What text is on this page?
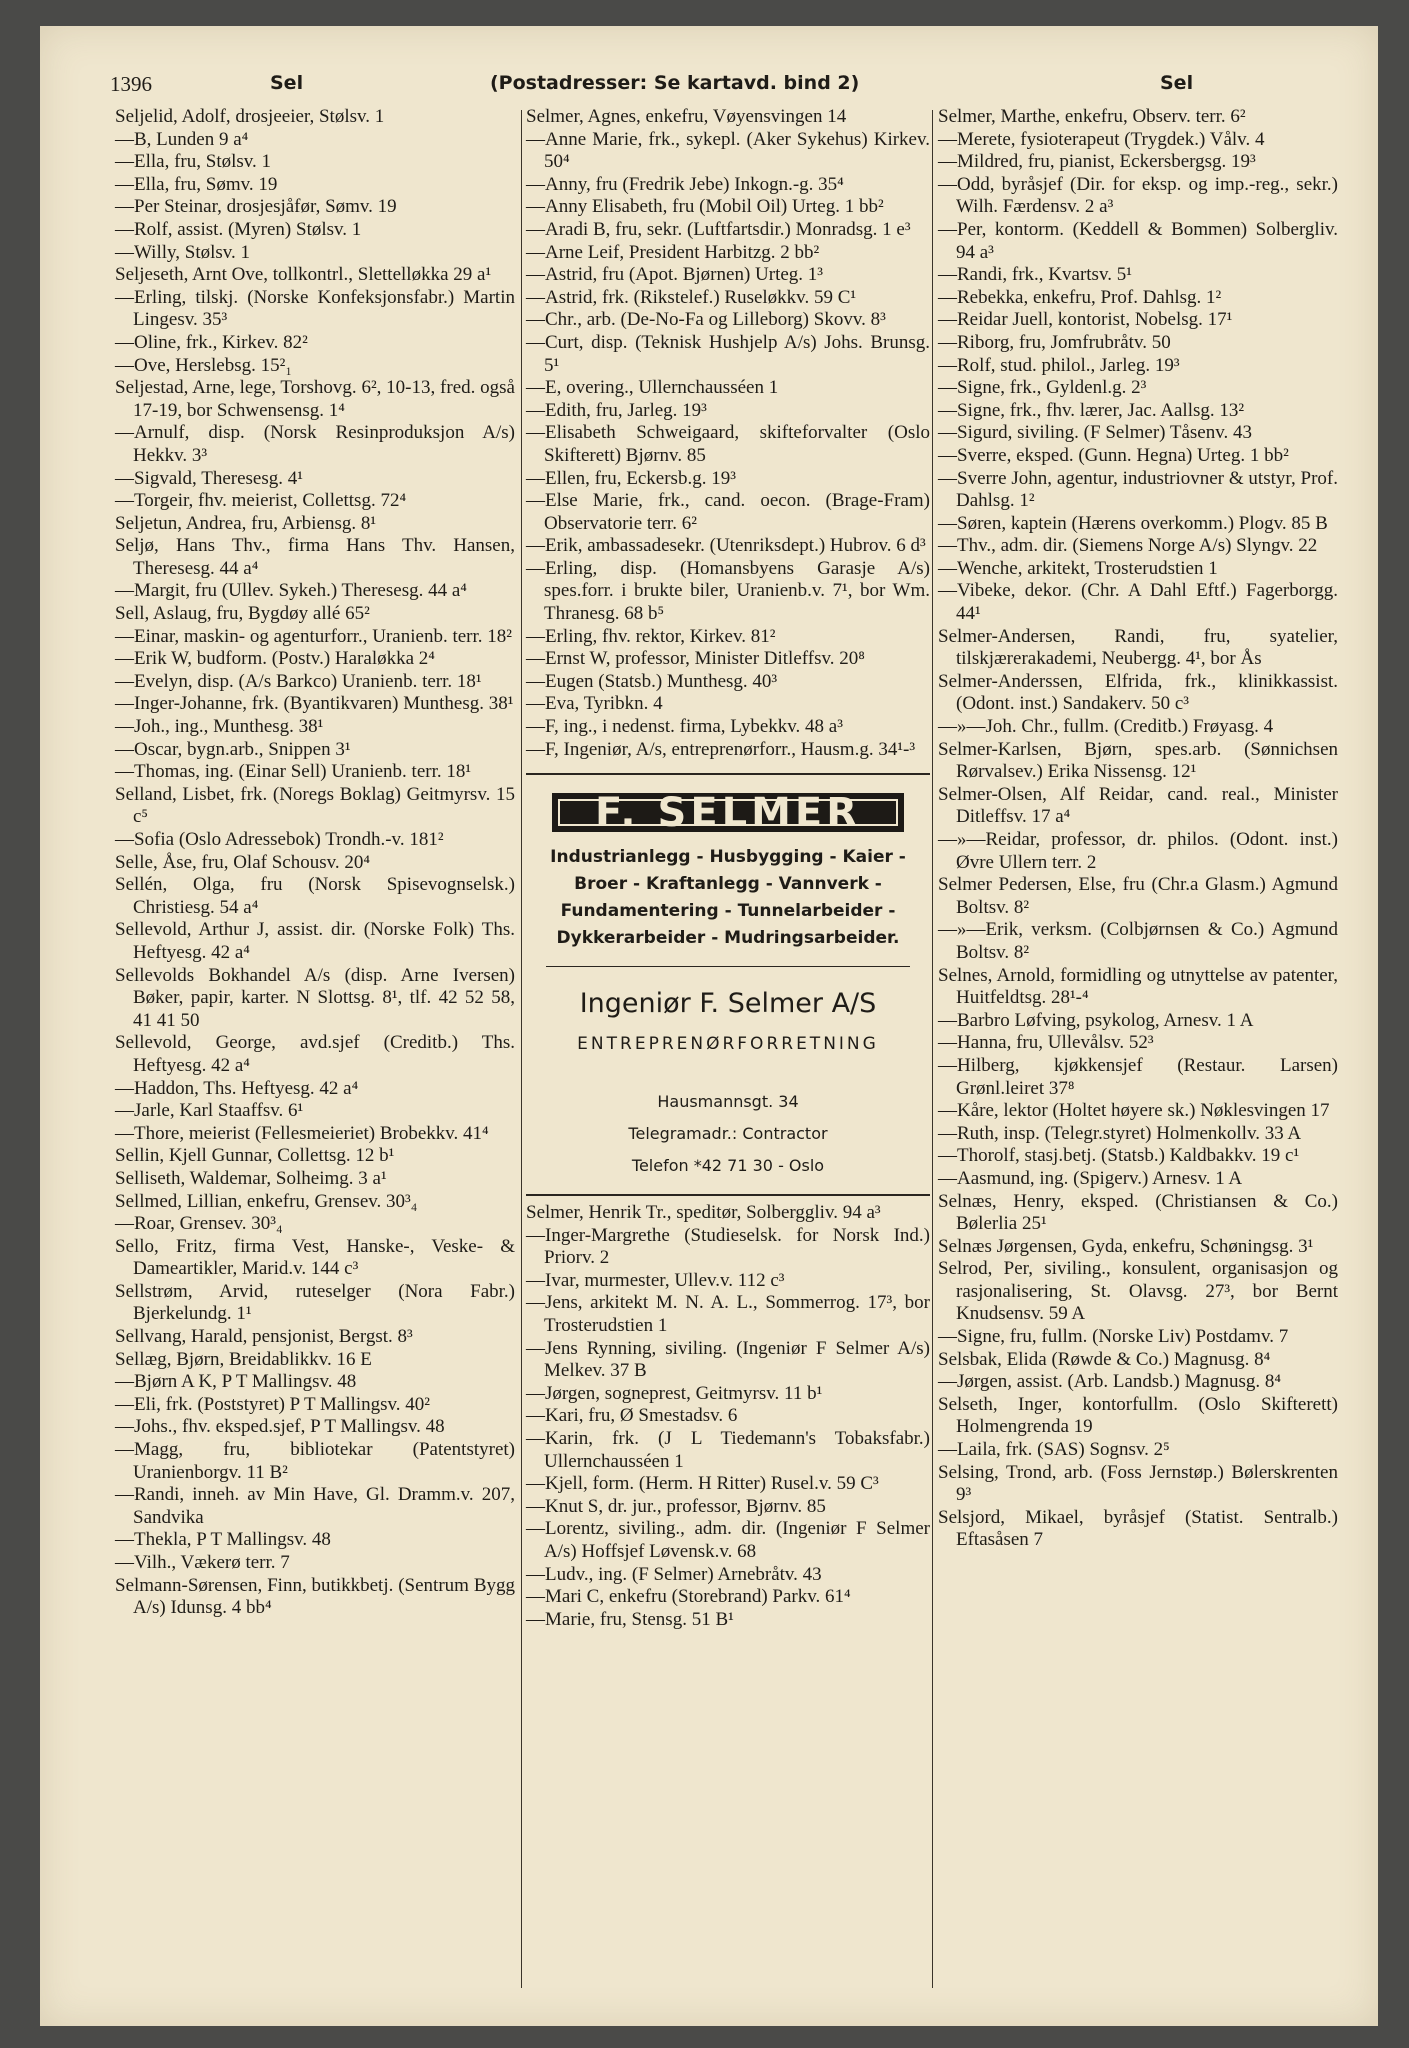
1396	Sel	(Postadresser: Se kartavd. bind 2)	Sel

Seljelid, Adolf, drosjeeier, Stølsv. 1

—B, Lunden 9 a⁴

—Ella, fru, Stølsv. 1

—Ella, fru, Sømv. 19

—Per Steinar, drosjesjåfør, Sømv. 19

—Rolf, assist. (Myren) Stølsv. 1

—Willy, Stølsv. 1

Seljeseth, Arnt Ove, tollkontrl., Slettelløkka 29 a¹

—Erling, tilskj. (Norske Konfeksjonsfabr.) Martin Lingesv. 35³

—Oline, frk., Kirkev. 82²

—Ove, Herslebsg. 15²₁

Seljestad, Arne, lege, Torshovg. 6², 10-13, fred. også 17-19, bor Schwensensg. 1⁴

—Arnulf, disp. (Norsk Resinproduksjon A/s) Hekkv. 3³

—Sigvald, Theresesg. 4¹

—Torgeir, fhv. meierist, Collettsg. 72⁴

Seljetun, Andrea, fru, Arbiensg. 8¹

Seljø, Hans Thv., firma Hans Thv. Hansen, Theresesg. 44 a⁴

—Margit, fru (Ullev. Sykeh.) Theresesg. 44 a⁴

Sell, Aslaug, fru, Bygdøy allé 65²

—Einar, maskin- og agenturforr., Uranienb. terr. 18²

—Erik W, budform. (Postv.) Haraløkka 2⁴

—Evelyn, disp. (A/s Barkco) Uranienb. terr. 18¹

—Inger-Johanne, frk. (Byantikvaren) Munthesg. 38¹

—Joh., ing., Munthesg. 38¹

—Oscar, bygn.arb., Snippen 3¹

—Thomas, ing. (Einar Sell) Uranienb. terr. 18¹

Selland, Lisbet, frk. (Noregs Boklag) Geitmyrsv. 15 c⁵

—Sofia (Oslo Adressebok) Trondh.-v. 181²

Selle, Åse, fru, Olaf Schousv. 20⁴

Sellén, Olga, fru (Norsk Spisevognselsk.) Christiesg. 54 a⁴

Sellevold, Arthur J, assist. dir. (Norske Folk) Ths. Heftyesg. 42 a⁴

Sellevolds Bokhandel A/s (disp. Arne Iversen) Bøker, papir, karter. N Slottsg. 8¹, tlf. 42 52 58, 41 41 50

Sellevold, George, avd.sjef (Creditb.) Ths. Heftyesg. 42 a⁴

—Haddon, Ths. Heftyesg. 42 a⁴

—Jarle, Karl Staaffsv. 6¹

—Thore, meierist (Fellesmeieriet) Brobekkv. 41⁴

Sellin, Kjell Gunnar, Collettsg. 12 b¹

Selliseth, Waldemar, Solheimg. 3 a¹

Sellmed, Lillian, enkefru, Grensev. 30³₄

—Roar, Grensev. 30³₄

Sello, Fritz, firma Vest, Hanske-, Veske- & Dameartikler, Marid.v. 144 c³

Sellstrøm, Arvid, ruteselger (Nora Fabr.) Bjerkelundg. 1¹

Sellvang, Harald, pensjonist, Bergst. 8³

Sellæg, Bjørn, Breidablikkv. 16 E

—Bjørn A K, P T Mallingsv. 48

—Eli, frk. (Poststyret) P T Mallingsv. 40²

—Johs., fhv. eksped.sjef, P T Mallingsv. 48

—Magg, fru, bibliotekar (Patentstyret) Uranienborgv. 11 B²

—Randi, inneh. av Min Have, Gl. Dramm.v. 207, Sandvika

—Thekla, P T Mallingsv. 48

—Vilh., Vækerø terr. 7

Selmann-Sørensen, Finn, butikkbetj. (Sentrum Bygg A/s) Idunsg. 4 bb⁴

Selmer, Agnes, enkefru, Vøyensvingen 14

—Anne Marie, frk., sykepl. (Aker Sykehus) Kirkev. 50⁴

—Anny, fru (Fredrik Jebe) Inkogn.-g. 35⁴

—Anny Elisabeth, fru (Mobil Oil) Urteg. 1 bb²

—Aradi B, fru, sekr. (Luftfartsdir.) Monradsg. 1 e³

—Arne Leif, President Harbitzg. 2 bb²

—Astrid, fru (Apot. Bjørnen) Urteg. 1³

—Astrid, frk. (Rikstelef.) Ruseløkkv. 59 C¹

—Chr., arb. (De-No-Fa og Lilleborg) Skovv. 8³

—Curt, disp. (Teknisk Hushjelp A/s) Johs. Brunsg. 5¹

—E, overing., Ullernchausséen 1

—Edith, fru, Jarleg. 19³

—Elisabeth Schweigaard, skifteforvalter (Oslo Skifterett) Bjørnv. 85

—Ellen, fru, Eckersb.g. 19³

—Else Marie, frk., cand. oecon. (Brage-Fram) Observatorie terr. 6²

—Erik, ambassadesekr. (Utenriksdept.) Hubrov. 6 d³

—Erling, disp. (Homansbyens Garasje A/s) spes.forr. i brukte biler, Uranienb.v. 7¹, bor Wm. Thranesg. 68 b⁵

—Erling, fhv. rektor, Kirkev. 81²

—Ernst W, professor, Minister Ditleffsv. 20⁸

—Eugen (Statsb.) Munthesg. 40³

—Eva, Tyribkn. 4

—F, ing., i nedenst. firma, Lybekkv. 48 a³

—F, Ingeniør, A/s, entreprenørforr., Hausm.g. 34¹-³

F. SELMER
Industrianlegg - Husbygging - Kaier -
Broer - Kraftanlegg - Vannverk -
Fundamentering - Tunnelarbeider -
Dykkerarbeider - Mudringsarbeider.
Ingeniør F. Selmer A/S
ENTREPRENØRFORRETNING
Hausmannsgt. 34
Telegramadr.: Contractor
Telefon *42 71 30 - Oslo

Selmer, Henrik Tr., speditør, Solberggliv. 94 a³

—Inger-Margrethe (Studieselsk. for Norsk Ind.) Priorv. 2

—Ivar, murmester, Ullev.v. 112 c³

—Jens, arkitekt M. N. A. L., Sommerrog. 17³, bor Trosterudstien 1

—Jens Rynning, siviling. (Ingeniør F Selmer A/s) Melkev. 37 B

—Jørgen, sogneprest, Geitmyrsv. 11 b¹

—Kari, fru, Ø Smestadsv. 6

—Karin, frk. (J L Tiedemann's Tobaksfabr.) Ullernchausséen 1

—Kjell, form. (Herm. H Ritter) Rusel.v. 59 C³

—Knut S, dr. jur., professor, Bjørnv. 85

—Lorentz, siviling., adm. dir. (Ingeniør F Selmer A/s) Hoffsjef Løvensk.v. 68

—Ludv., ing. (F Selmer) Arnebråtv. 43

—Mari C, enkefru (Storebrand) Parkv. 61⁴

—Marie, fru, Stensg. 51 B¹

Selmer, Marthe, enkefru, Observ. terr. 6²

—Merete, fysioterapeut (Trygdek.) Vålv. 4

—Mildred, fru, pianist, Eckersbergsg. 19³

—Odd, byråsjef (Dir. for eksp. og imp.-reg., sekr.) Wilh. Færdensv. 2 a³

—Per, kontorm. (Keddell & Bommen) Solbergliv. 94 a³

—Randi, frk., Kvartsv. 5¹

—Rebekka, enkefru, Prof. Dahlsg. 1²

—Reidar Juell, kontorist, Nobelsg. 17¹

—Riborg, fru, Jomfrubråtv. 50

—Rolf, stud. philol., Jarleg. 19³

—Signe, frk., Gyldenl.g. 2³

—Signe, frk., fhv. lærer, Jac. Aallsg. 13²

—Sigurd, siviling. (F Selmer) Tåsenv. 43

—Sverre, eksped. (Gunn. Hegna) Urteg. 1 bb²

—Sverre John, agentur, industriovner & utstyr, Prof. Dahlsg. 1²

—Søren, kaptein (Hærens overkomm.) Plogv. 85 B

—Thv., adm. dir. (Siemens Norge A/s) Slyngv. 22

—Wenche, arkitekt, Trosterudstien 1

—Vibeke, dekor. (Chr. A Dahl Eftf.) Fagerborgg. 44¹

Selmer-Andersen, Randi, fru, syatelier, tilskjærerakademi, Neubergg. 4¹, bor Ås

Selmer-Anderssen, Elfrida, frk., klinikkassist. (Odont. inst.) Sandakerv. 50 c³

—»—Joh. Chr., fullm. (Creditb.) Frøyasg. 4

Selmer-Karlsen, Bjørn, spes.arb. (Sønnichsen Rørvalsev.) Erika Nissensg. 12¹

Selmer-Olsen, Alf Reidar, cand. real., Minister Ditleffsv. 17 a⁴

—»—Reidar, professor, dr. philos. (Odont. inst.) Øvre Ullern terr. 2

Selmer Pedersen, Else, fru (Chr.a Glasm.) Agmund Boltsv. 8²

—»—Erik, verksm. (Colbjørnsen & Co.) Agmund Boltsv. 8²

Selnes, Arnold, formidling og utnyttelse av patenter, Huitfeldtsg. 28¹-⁴

—Barbro Løfving, psykolog, Arnesv. 1 A

—Hanna, fru, Ullevålsv. 52³

—Hilberg, kjøkkensjef (Restaur. Larsen) Grønl.leiret 37⁸

—Kåre, lektor (Holtet høyere sk.) Nøklesvingen 17

—Ruth, insp. (Telegr.styret) Holmenkollv. 33 A

—Thorolf, stasj.betj. (Statsb.) Kaldbakkv. 19 c¹

—Aasmund, ing. (Spigerv.) Arnesv. 1 A

Selnæs, Henry, eksped. (Christiansen & Co.) Bølerlia 25¹

Selnæs Jørgensen, Gyda, enkefru, Schøningsg. 3¹

Selrod, Per, siviling., konsulent, organisasjon og rasjonalisering, St. Olavsg. 27³, bor Bernt Knudsensv. 59 A

—Signe, fru, fullm. (Norske Liv) Postdamv. 7

Selsbak, Elida (Røwde & Co.) Magnusg. 8⁴

—Jørgen, assist. (Arb. Landsb.) Magnusg. 8⁴

Selseth, Inger, kontorfullm. (Oslo Skifterett) Holmengrenda 19

—Laila, frk. (SAS) Sognsv. 2⁵

Selsing, Trond, arb. (Foss Jernstøp.) Bølerskrenten 9³

Selsjord, Mikael, byråsjef (Statist. Sentralb.) Eftasåsen 7
